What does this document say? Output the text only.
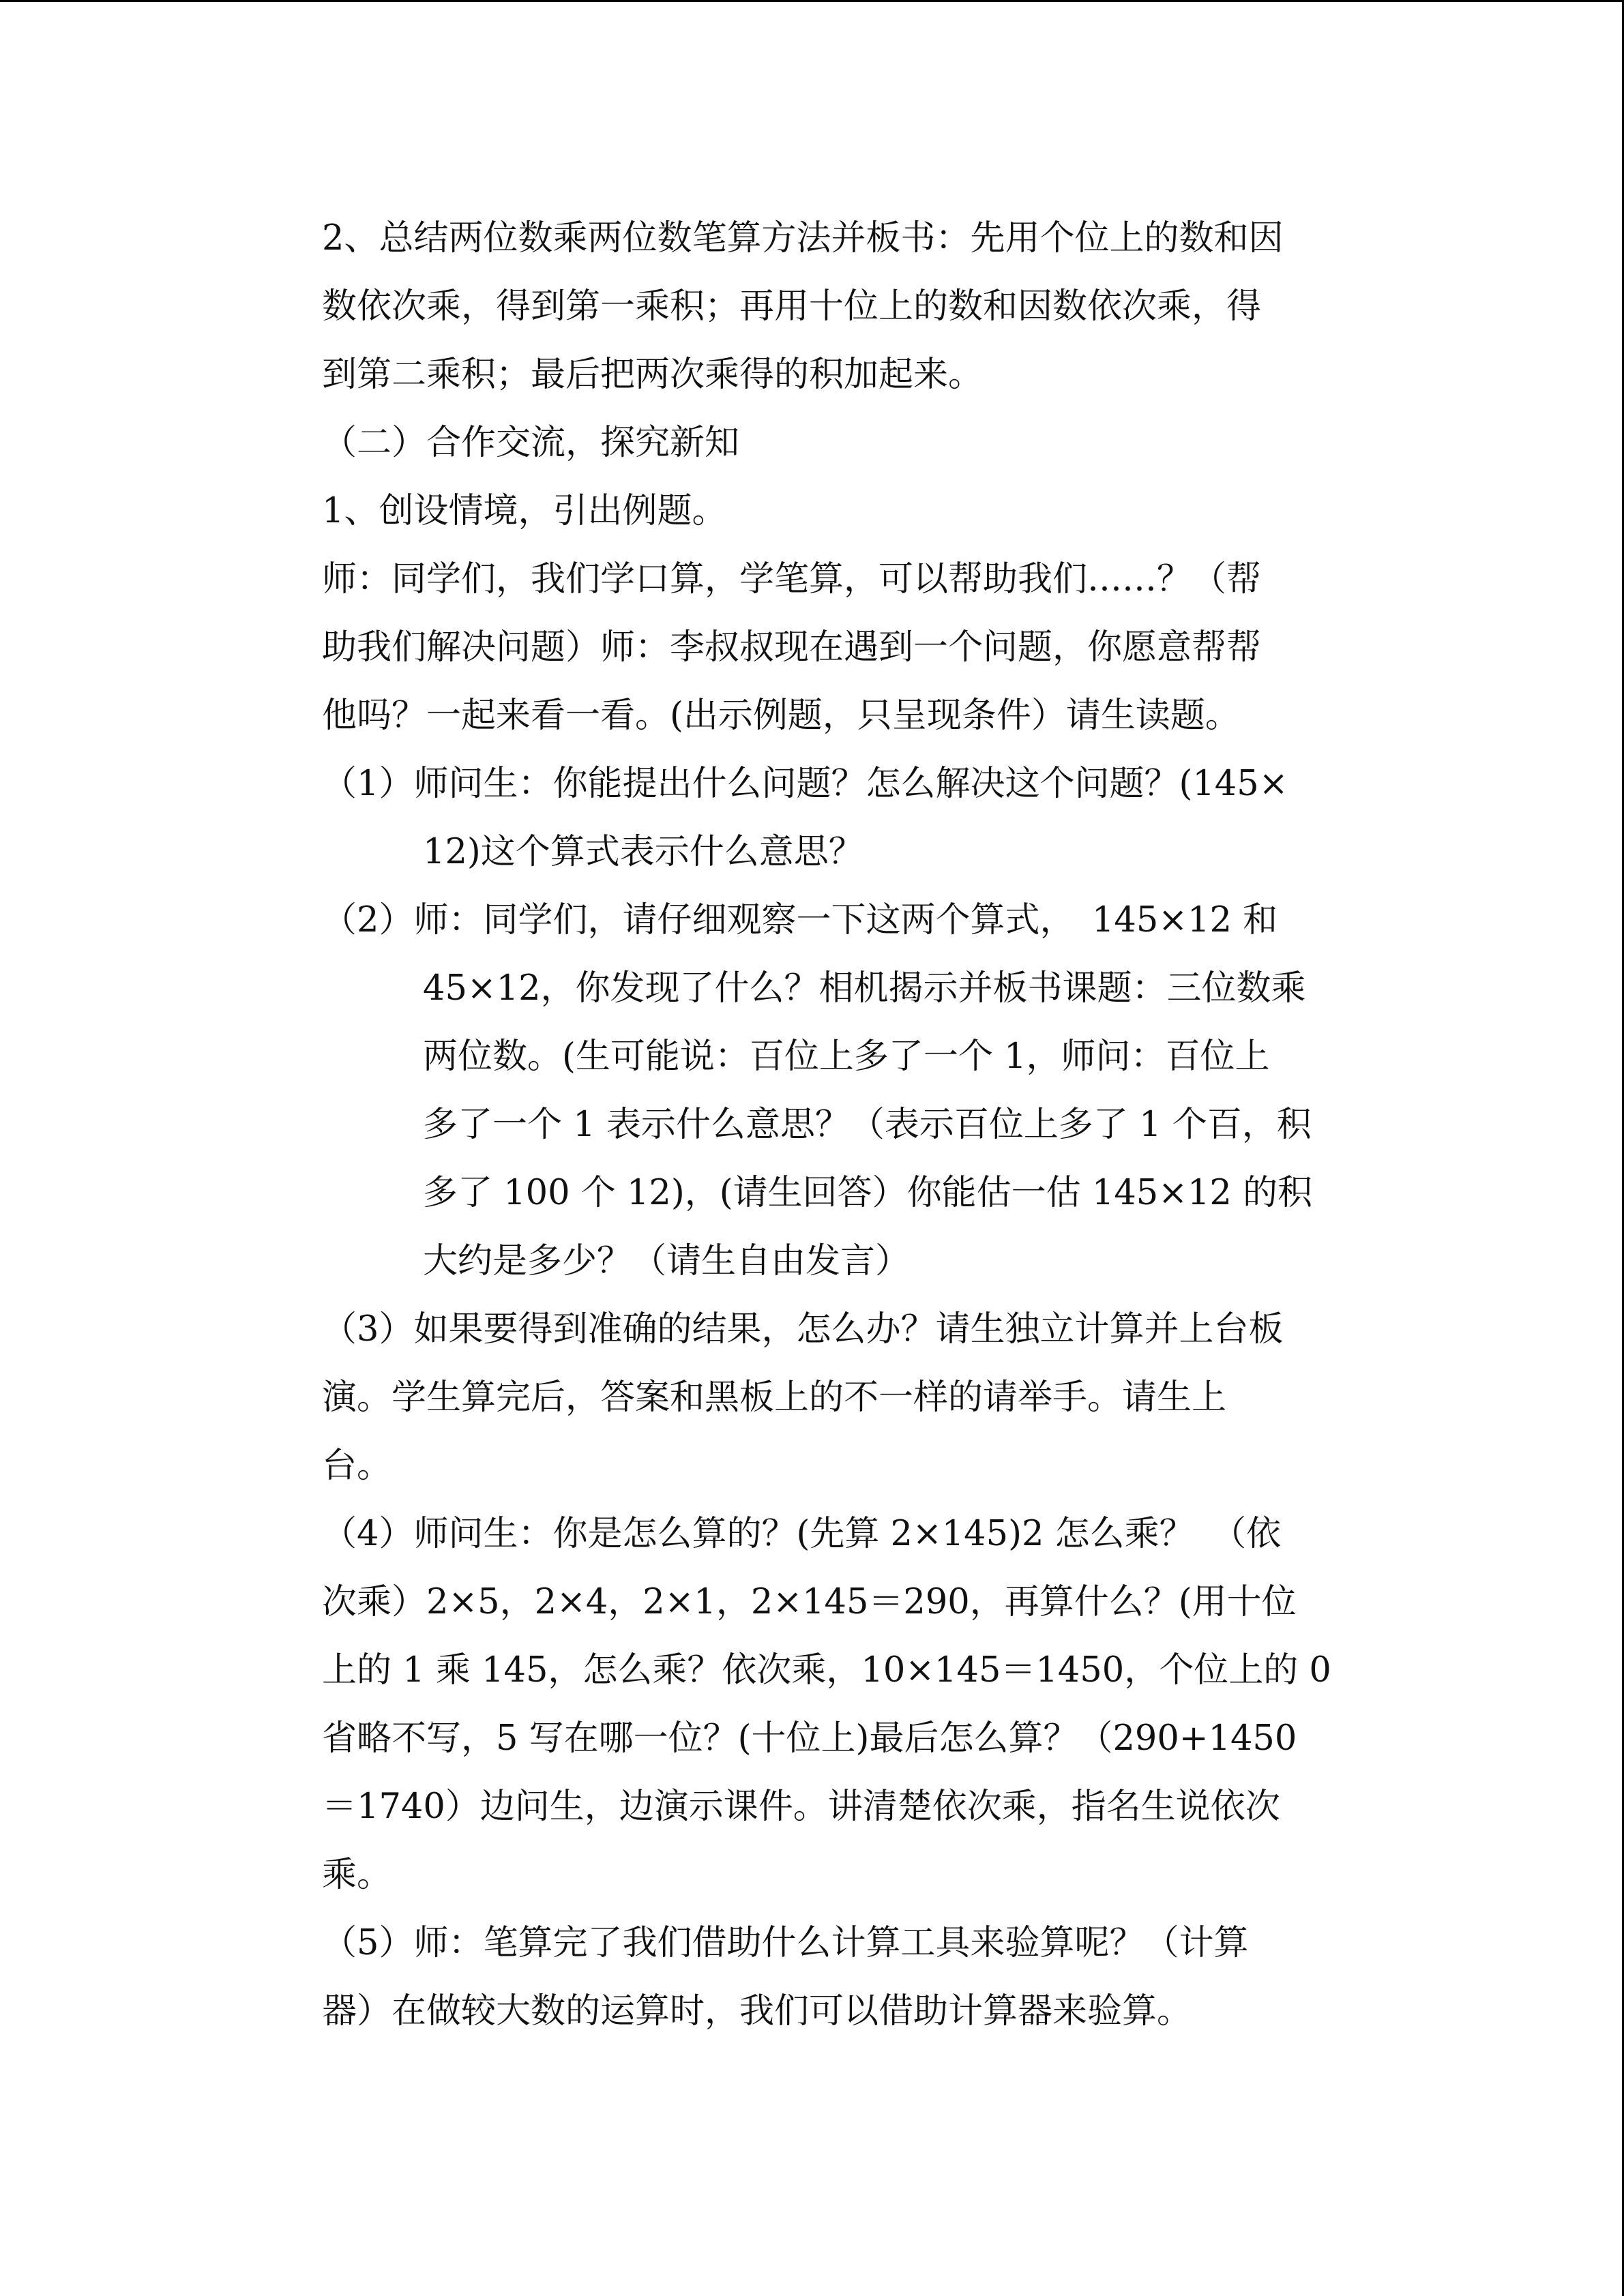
2、总结两位数乘两位数笔算方法并板书：先用个位上的数和因

数依次乘，得到第一乘积；再用十位上的数和因数依次乘，得

到第二乘积；最后把两次乘得的积加起来。

（二）合作交流，探究新知

1、创设情境，引出例题。

师：同学们，我们学口算，学笔算，可以帮助我们……？（帮

助我们解决问题）师：李叔叔现在遇到一个问题，你愿意帮帮

他吗？一起来看一看。(出示例题，只呈现条件）请生读题。

（1）师问生：你能提出什么问题？怎么解决这个问题？(145×

12)这个算式表示什么意思？

（2）师：同学们，请仔细观察一下这两个算式，　145×12 和

45×12，你发现了什么？相机揭示并板书课题：三位数乘

两位数。(生可能说：百位上多了一个 1，师问：百位上

多了一个 1 表示什么意思？（表示百位上多了 1 个百，积

多了 100 个 12)，(请生回答）你能估一估 145×12 的积

大约是多少？（请生自由发言）

（3）如果要得到准确的结果，怎么办？请生独立计算并上台板

演。学生算完后，答案和黑板上的不一样的请举手。请生上

台。

（4）师问生：你是怎么算的？(先算 2×145)2 怎么乘？　（依

次乘）2×5，2×4，2×1，2×145＝290，再算什么？(用十位

上的 1 乘 145，怎么乘？依次乘，10×145＝1450，个位上的 0

省略不写，5 写在哪一位？(十位上)最后怎么算？（290+1450

＝1740）边问生，边演示课件。讲清楚依次乘，指名生说依次

乘。

（5）师：笔算完了我们借助什么计算工具来验算呢？（计算

器）在做较大数的运算时，我们可以借助计算器来验算。
